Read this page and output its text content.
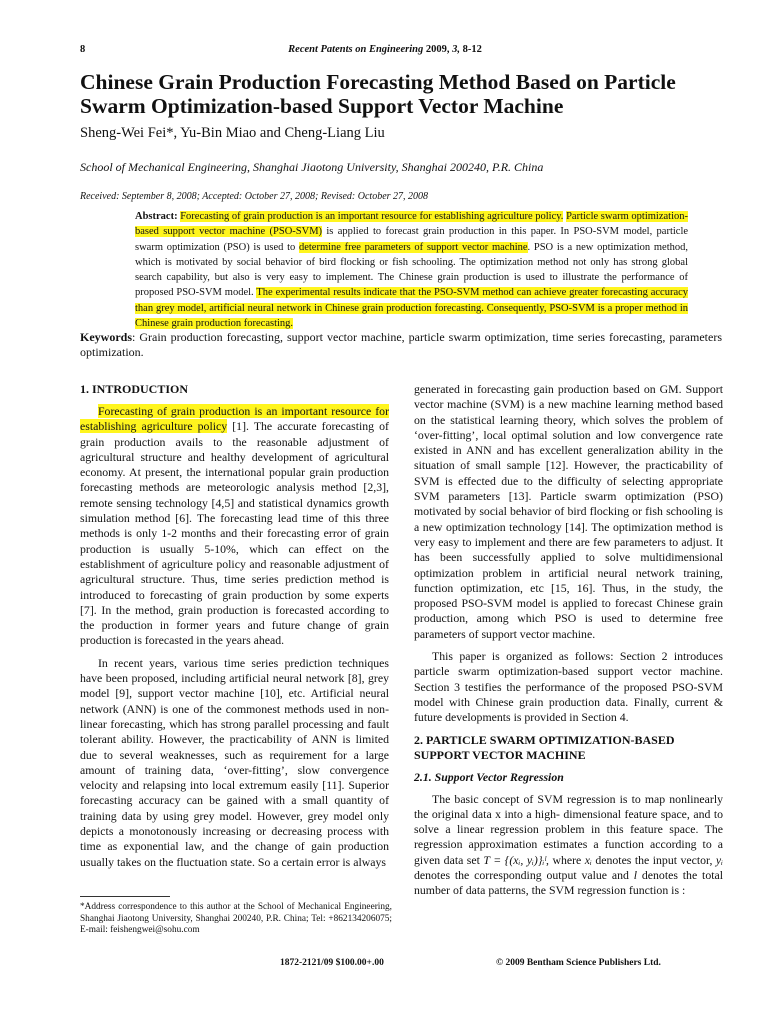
8	Recent Patents on Engineering 2009, 3, 8-12
Chinese Grain Production Forecasting Method Based on Particle Swarm Optimization-based Support Vector Machine
Sheng-Wei Fei*, Yu-Bin Miao and Cheng-Liang Liu
School of Mechanical Engineering, Shanghai Jiaotong University, Shanghai 200240, P.R. China
Received: September 8, 2008; Accepted: October 27, 2008; Revised: October 27, 2008
Abstract: Forecasting of grain production is an important resource for establishing agriculture policy. Particle swarm optimization-based support vector machine (PSO-SVM) is applied to forecast grain production in this paper. In PSO-SVM model, particle swarm optimization (PSO) is used to determine free parameters of support vector machine. PSO is a new optimization method, which is motivated by social behavior of bird flocking or fish schooling. The optimization method not only has strong global search capability, but also is very easy to implement. The Chinese grain production is used to illustrate the performance of proposed PSO-SVM model. The experimental results indicate that the PSO-SVM method can achieve greater forecasting accuracy than grey model, artificial neural network in Chinese grain production forecasting. Consequently, PSO-SVM is a proper method in Chinese grain production forecasting.
Keywords: Grain production forecasting, support vector machine, particle swarm optimization, time series forecasting, parameters optimization.
1. INTRODUCTION

Forecasting of grain production is an important resource for establishing agriculture policy [1]. The accurate forecasting of grain production avails to the reasonable adjustment of agricultural structure and healthy development of agricultural economy. At present, the international popular grain production forecasting methods are meteorologic analysis method [2,3], remote sensing technology [4,5] and statistical dynamics growth simulation method [6]. The forecasting lead time of this three methods is only 1-2 months and their forecasting error of grain production is usually 5-10%, which can effect on the establishment of agriculture policy and reasonable adjustment of agricultural structure. Thus, time series prediction method is introduced to forecasting of grain production by some experts [7]. In the method, grain production is forecasted according to the production in former years and future change of grain production is forecasted in the years ahead.

In recent years, various time series prediction techniques have been proposed, including artificial neural network [8], grey model [9], support vector machine [10], etc. Artificial neural network (ANN) is one of the commonest methods used in non-linear forecasting, which has strong parallel processing and fault tolerant ability. However, the practicability of ANN is limited due to several weaknesses, such as requirement for a large amount of training data, ‘over-fitting’, slow convergence velocity and relapsing into local extremum easily [11]. Superior forecasting accuracy can be gained with a small quantity of training data by using grey model. However, grey model only depicts a monotonously increasing or decreasing process with time as exponential law, and the change of gain production usually takes on the fluctuation state. So a certain error is always

generated in forecasting gain production based on GM. Support vector machine (SVM) is a new machine learning method based on the statistical learning theory, which solves the problem of ‘over-fitting’, local optimal solution and low convergence rate existed in ANN and has excellent generalization ability in the situation of small sample [12]. However, the practicability of SVM is effected due to the difficulty of selecting appropriate SVM parameters [13]. Particle swarm optimization (PSO) motivated by social behavior of bird flocking or fish schooling is a new optimization technology [14]. The optimization method is very easy to implement and there are few parameters to adjust. It has been successfully applied to solve multidimensional optimization problem in artificial neural network training, function optimization, etc [15, 16]. Thus, in the study, the proposed PSO-SVM model is applied to forecast Chinese grain production, among which PSO is used to determine free parameters of support vector machine.

This paper is organized as follows: Section 2 introduces particle swarm optimization-based support vector machine. Section 3 testifies the performance of the proposed PSO-SVM model with Chinese grain production data. Finally, current & future developments is provided in Section 4.

2. PARTICLE SWARM OPTIMIZATION-BASED SUPPORT VECTOR MACHINE
2.1. Support Vector Regression

The basic concept of SVM regression is to map nonlinearly the original data x into a high- dimensional feature space, and to solve a linear regression problem in this feature space. The regression approximation estimates a function according to a given data set T = {(xᵢ, yᵢ)}ᵢˡ, where xᵢ denotes the input vector, yᵢ denotes the corresponding output value and l denotes the total number of data patterns, the SVM regression function is :

*Address correspondence to this author at the School of Mechanical Engineering, Shanghai Jiaotong University, Shanghai 200240, P.R. China; Tel: +862134206075; E-mail: feishengwei@sohu.com
1872-2121/09 $100.00+.00	© 2009 Bentham Science Publishers Ltd.
